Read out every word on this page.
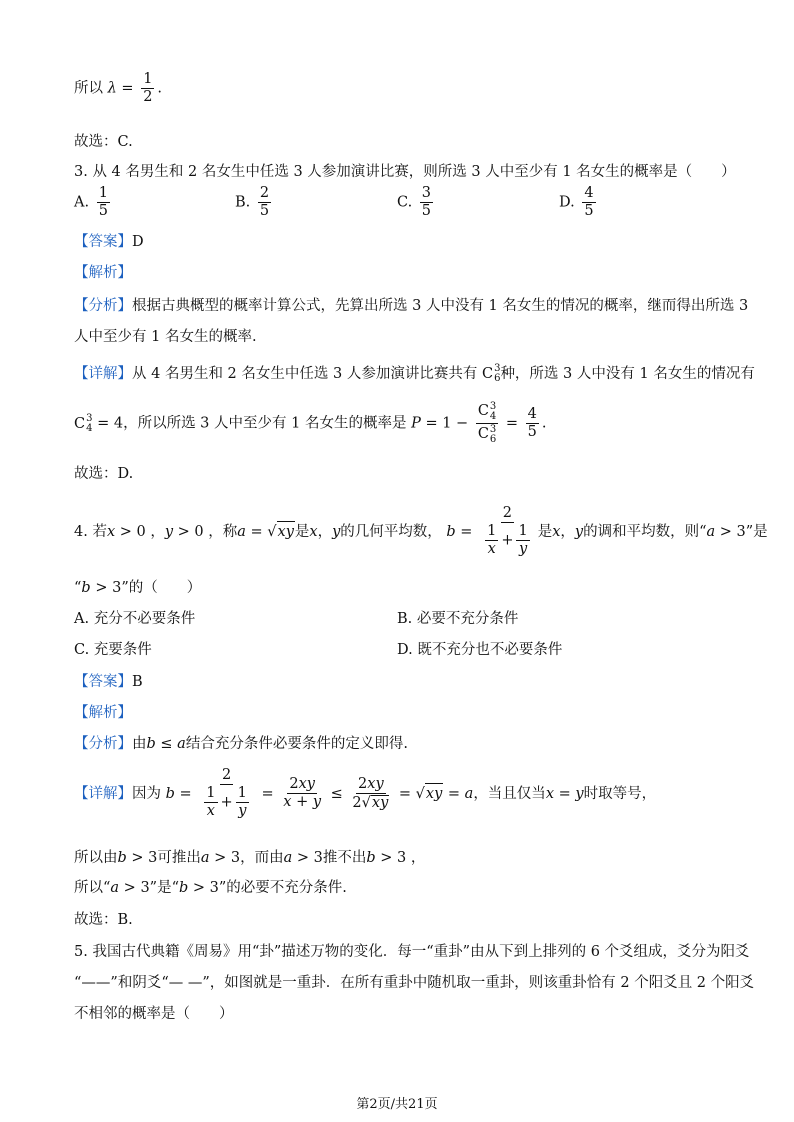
所以 $\lambda = \frac{1}{2}$ .
故选：C.
3. 从 4 名男生和 2 名女生中任选 3 人参加演讲比赛，则所选 3 人中至少有 1 名女生的概率是（　　）
A. $\frac{1}{5}$	B. $\frac{2}{5}$	C. $\frac{3}{5}$	D. $\frac{4}{5}$
【答案】D
【解析】
【分析】根据古典概型的概率计算公式，先算出所选 3 人中没有 1 名女生的情况的概率，继而得出所选 3
人中至少有 1 名女生的概率.
【详解】从 4 名男生和 2 名女生中任选 3 人参加演讲比赛共有 C 3
6 种，所选 3 人中没有 1 名女生的情况有
C 3
4 = 4，所以所选 3 人中至少有 1 名女生的概率是 P = 1 − C 3
4
C 3
$6 = \frac{4}{5}$ .
故选：D.
4. 若x > 0 ，y > 0 ，称a = √ xy 是x，y的几何平均数， $b = \frac{2}{\frac{1}{x} + \frac{1}{y}}$ 是x，y的调和平均数，则“a > 3”是
“b > 3”的（　　）
A. 充分不必要条件	B. 必要不充分条件
C. 充要条件	D. 既不充分也不必要条件
【答案】B
【解析】
【分析】由b ≤ a结合充分条件必要条件的定义即得.
【详解】因为 $b = \frac{2}{\frac{1}{x} + \frac{1}{y}} = \frac{2xy}{x + y} \le \frac{2xy}{2√ xy}$ = √ xy = a，当且仅当x = y时取等号，
所以由b > 3可推出a > 3，而由a > 3推不出b > 3 ，
所以“a > 3”是“b > 3”的必要不充分条件.
故选：B.
5. 我国古代典籍《周易》用“卦”描述万物的变化．每一“重卦”由从下到上排列的 6 个爻组成，爻分为阳爻
“——”和阴爻“— —”，如图就是一重卦．在所有重卦中随机取一重卦，则该重卦恰有 2 个阳爻且 2 个阳爻
不相邻的概率是（　　）
第2页/共21页
